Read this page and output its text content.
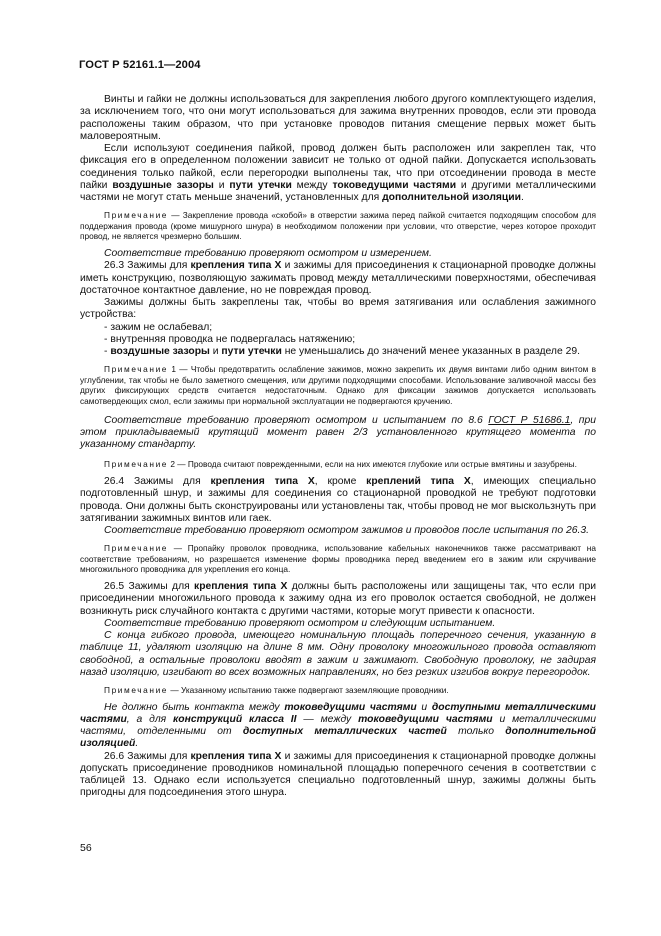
ГОСТ Р 52161.1—2004

Винты и гайки не должны использоваться для закрепления любого другого комплектующего изделия, за исключением того, что они могут использоваться для зажима внутренних проводов, если эти провода расположены таким образом, что при установке проводов питания смещение первых может быть маловероятным.

Если используют соединения пайкой, провод должен быть расположен или закреплен так, что фиксация его в определенном положении зависит не только от одной пайки. Допускается использовать соединения только пайкой, если перегородки выполнены так, что при отсоединении провода в месте пайки воздушные зазоры и пути утечки между токоведущими частями и другими металлическими частями не могут стать меньше значений, установленных для дополнительной изоляции.

Примечание — Закрепление провода «скобой» в отверстии зажима перед пайкой считается подходящим способом для поддержания провода (кроме мишурного шнура) в необходимом положении при условии, что отверстие, через которое проходит провод, не является чрезмерно большим.

Соответствие требованию проверяют осмотром и измерением.

26.3 Зажимы для крепления типа X и зажимы для присоединения к стационарной проводке должны иметь конструкцию, позволяющую зажимать провод между металлическими поверхностями, обеспечивая достаточное контактное давление, но не повреждая провод.

Зажимы должны быть закреплены так, чтобы во время затягивания или ослабления зажимного устройства:

- зажим не ослабевал;

- внутренняя проводка не подвергалась натяжению;

- воздушные зазоры и пути утечки не уменьшались до значений менее указанных в разделе 29.

Примечание 1 — Чтобы предотвратить ослабление зажимов, можно закрепить их двумя винтами либо одним винтом в углублении, так чтобы не было заметного смещения, или другими подходящими способами. Использование заливочной массы без других фиксирующих средств считается недостаточным. Однако для фиксации зажимов допускается использовать самотвердеющих смол, если зажимы при нормальной эксплуатации не подвергаются кручению.

Соответствие требованию проверяют осмотром и испытанием по 8.6 ГОСТ Р 51686.1, при этом прикладываемый крутящий момент равен 2/3 установленного крутящего момента по указанному стандарту.

Примечание 2 — Провода считают поврежденными, если на них имеются глубокие или острые вмятины и зазубрены.

26.4 Зажимы для крепления типа X, кроме креплений типа X, имеющих специально подготовленный шнур, и зажимы для соединения со стационарной проводкой не требуют подготовки провода. Они должны быть сконструированы или установлены так, чтобы провод не мог выскользнуть при затягивании зажимных винтов или гаек.

Соответствие требованию проверяют осмотром зажимов и проводов после испытания по 26.3.

Примечание — Пропайку проволок проводника, использование кабельных наконечников также рассматривают на соответствие требованиям, но разрешается изменение формы проводника перед введением его в зажим или скручивание многожильного проводника для укрепления его конца.

26.5 Зажимы для крепления типа X должны быть расположены или защищены так, что если при присоединении многожильного провода к зажиму одна из его проволок остается свободной, не должен возникнуть риск случайного контакта с другими частями, которые могут привести к опасности.

Соответствие требованию проверяют осмотром и следующим испытанием.

С конца гибкого провода, имеющего номинальную площадь поперечного сечения, указанную в таблице 11, удаляют изоляцию на длине 8 мм. Одну проволоку многожильного провода оставляют свободной, а остальные проволоки вводят в зажим и зажимают. Свободную проволоку, не задирая назад изоляцию, изгибают во всех возможных направлениях, но без резких изгибов вокруг перегородок.

Примечание — Указанному испытанию также подвергают заземляющие проводники.

Не должно быть контакта между токоведущими частями и доступными металлическими частями, а для конструкций класса II — между токоведущими частями и металлическими частями, отделенными от доступных металлических частей только дополнительной изоляцией.

26.6 Зажимы для крепления типа X и зажимы для присоединения к стационарной проводке должны допускать присоединение проводников номинальной площадью поперечного сечения в соответствии с таблицей 13. Однако если используется специально подготовленный шнур, зажимы должны быть пригодны для подсоединения этого шнура.

56
